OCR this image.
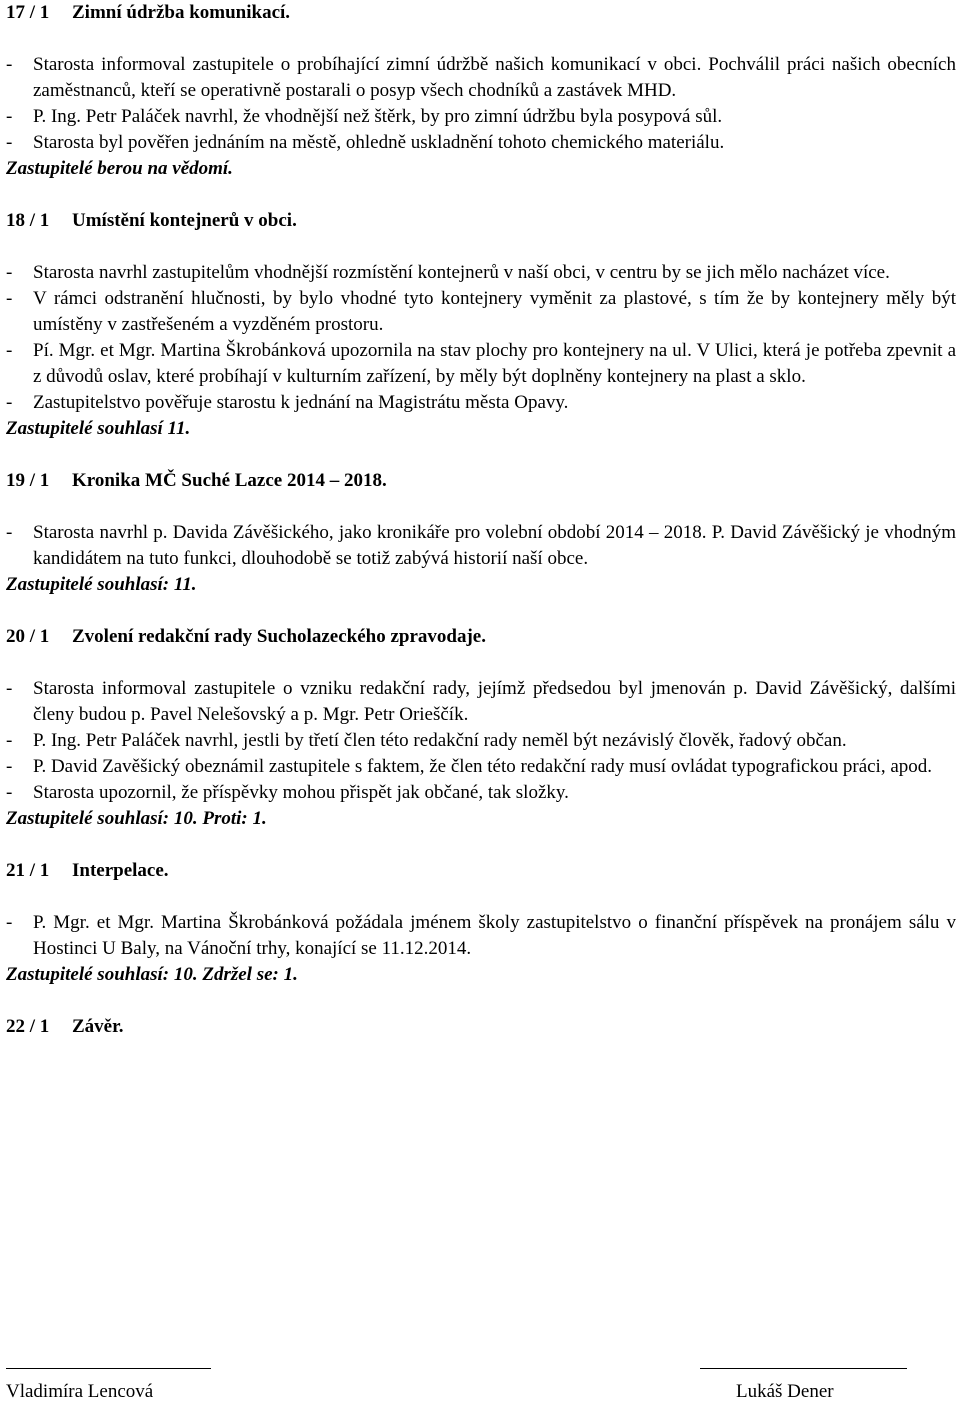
17 / 1 Zimní údržba komunikací.

-	Starosta informoval zastupitele o probíhající zimní údržbě našich komunikací v obci. Pochválil práci našich obecních zaměstnanců, kteří se operativně postarali o posyp všech chodníků a zastávek MHD.
-	P. Ing. Petr Paláček navrhl, že vhodnější než štěrk, by pro zimní údržbu byla posypová sůl.
-	Starosta byl pověřen jednáním na městě, ohledně uskladnění tohoto chemického materiálu.

Zastupitelé berou na vědomí.

18 / 1 Umístění kontejnerů v obci.

-	Starosta navrhl zastupitelům vhodnější rozmístění kontejnerů v naší obci, v centru by se jich mělo nacházet více.
-	V rámci odstranění hlučnosti, by bylo vhodné tyto kontejnery vyměnit za plastové, s tím že by kontejnery měly být umístěny v zastřešeném a vyzděném prostoru.
-	Pí. Mgr. et Mgr. Martina Škrobánková upozornila na stav plochy pro kontejnery na ul. V Ulici, která je potřeba zpevnit a z důvodů oslav, které probíhají v kulturním zařízení, by měly být doplněny kontejnery na plast a sklo.
-	Zastupitelstvo pověřuje starostu k jednání na Magistrátu města Opavy.

Zastupitelé souhlasí 11.

19 / 1 Kronika MČ Suché Lazce 2014 – 2018.

-	Starosta navrhl p. Davida Závěšického, jako kronikáře pro volební období 2014 – 2018. P. David Závěšický je vhodným kandidátem na tuto funkci, dlouhodobě se totiž zabývá historií naší obce.

Zastupitelé souhlasí: 11.

20 / 1 Zvolení redakční rady Sucholazeckého zpravodaje.

-	Starosta informoval zastupitele o vzniku redakční rady, jejímž předsedou byl jmenován p. David Závěšický, dalšími členy budou p. Pavel Nelešovský a p. Mgr. Petr Orieščík.
-	P. Ing. Petr Paláček navrhl, jestli by třetí člen této redakční rady neměl být nezávislý člověk, řadový občan.
-	P. David Zavěšický obeznámil zastupitele s faktem, že člen této redakční rady musí ovládat typografickou práci, apod.
-	Starosta upozornil, že příspěvky mohou přispět jak občané, tak složky.

Zastupitelé souhlasí: 10. Proti: 1.

21 / 1 Interpelace.

-	P. Mgr. et Mgr. Martina Škrobánková požádala jménem školy zastupitelstvo o finanční příspěvek na pronájem sálu v Hostinci U Baly, na Vánoční trhy, konající se 11.12.2014.

Zastupitelé souhlasí: 10. Zdržel se: 1.

22 / 1 Závěr.

Vladimíra Lencová	Lukáš Dener
